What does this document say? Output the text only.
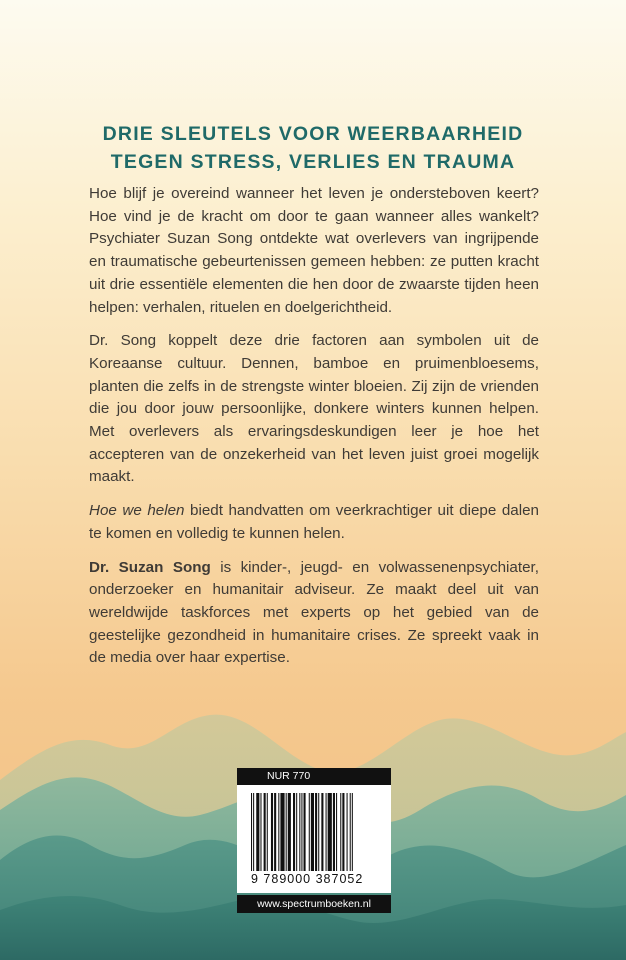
DRIE SLEUTELS VOOR WEERBAARHEID
TEGEN STRESS, VERLIES EN TRAUMA

Hoe blijf je overeind wanneer het leven je ondersteboven keert? Hoe vind je de kracht om door te gaan wanneer alles wankelt? Psychiater Suzan Song ontdekte wat overlevers van ingrijpende en traumatische gebeurtenissen gemeen hebben: ze putten kracht uit drie essentiële elementen die hen door de zwaarste tijden heen helpen: verhalen, rituelen en doelgerichtheid.

Dr. Song koppelt deze drie factoren aan symbolen uit de Koreaanse cultuur. Dennen, bamboe en pruimenbloesems, planten die zelfs in de strengste winter bloeien. Zij zijn de vrienden die jou door jouw persoonlijke, donkere winters kunnen helpen. Met overlevers als ervaringsdeskundigen leer je hoe het accepteren van de onzekerheid van het leven juist groei mogelijk maakt.

Hoe we helen biedt handvatten om veerkrachtiger uit diepe dalen te komen en volledig te kunnen helen.

Dr. Suzan Song is kinder-, jeugd- en volwassenenpsychiater, onderzoeker en humanitair adviseur. Ze maakt deel uit van wereldwijde taskforces met experts op het gebied van de geestelijke gezondheid in humanitaire crises. Ze spreekt vaak in de media over haar expertise.

NUR 770
9 789000 387052
www.spectrumboeken.nl
